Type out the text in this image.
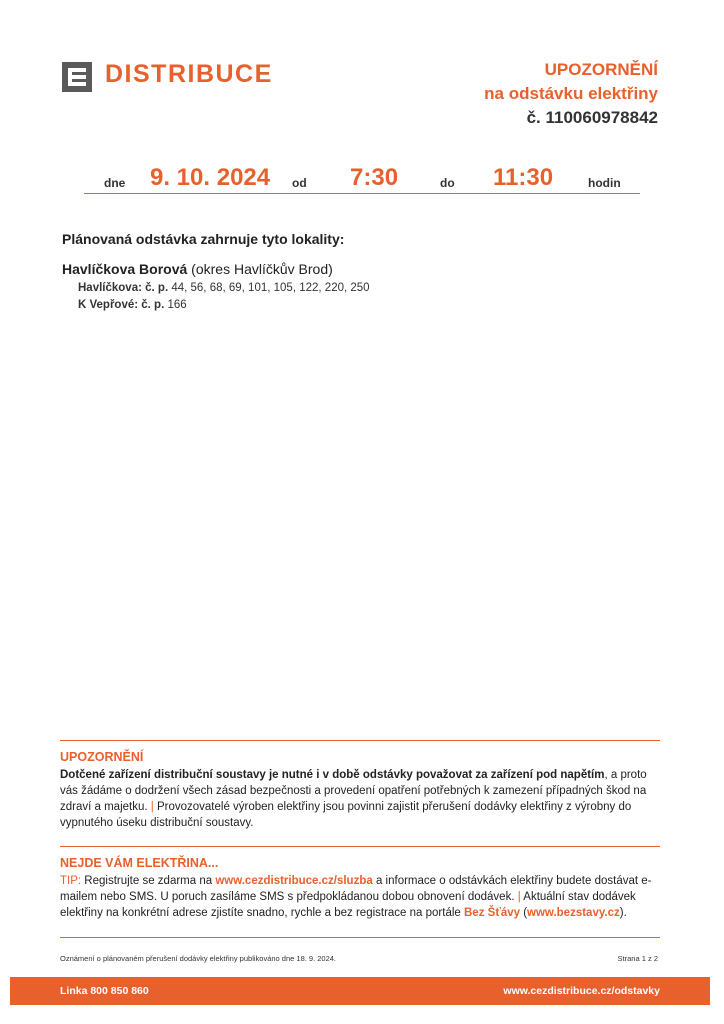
DISTRIBUCE	UPOZORNĚNÍ
na odstávku elektřiny
č. 110060978842
dne 9. 10. 2024 od 7:30	do 11:30	hodin
Plánovaná odstávka zahrnuje tyto lokality:
Havlíčkova Borová (okres Havlíčkův Brod)
Havlíčkova: č. p. 44, 56, 68, 69, 101, 105, 122, 220, 250
K Vepřové: č. p. 166
UPOZORNĚNÍ
Dotčené zařízení distribuční soustavy je nutné i v době odstávky považovat za zařízení pod napětím, a proto vás žádáme o dodržení všech zásad bezpečnosti a provedení opatření potřebných k zamezení případných škod na zdraví a majetku. | Provozovatelé výroben elektřiny jsou povinni zajistit přerušení dodávky elektřiny z výrobny do vypnutého úseku distribuční soustavy.
NEJDE VÁM ELEKTŘINA...
TIP: Registrujte se zdarma na www.cezdistribuce.cz/sluzba a informace o odstávkách elektřiny budete dostávat e-mailem nebo SMS. U poruch zasíláme SMS s předpokládanou dobou obnovení dodávek. | Aktuální stav dodávek elektřiny na konkrétní adrese zjistíte snadno, rychle a bez registrace na portále Bez Šťávy (www.bezstavy.cz).
Oznámení o plánovaném přerušení dodávky elektřiny publikováno dne 18. 9. 2024.	Strana 1 z 2
Linka 800 850 860	www.cezdistribuce.cz/odstavky
